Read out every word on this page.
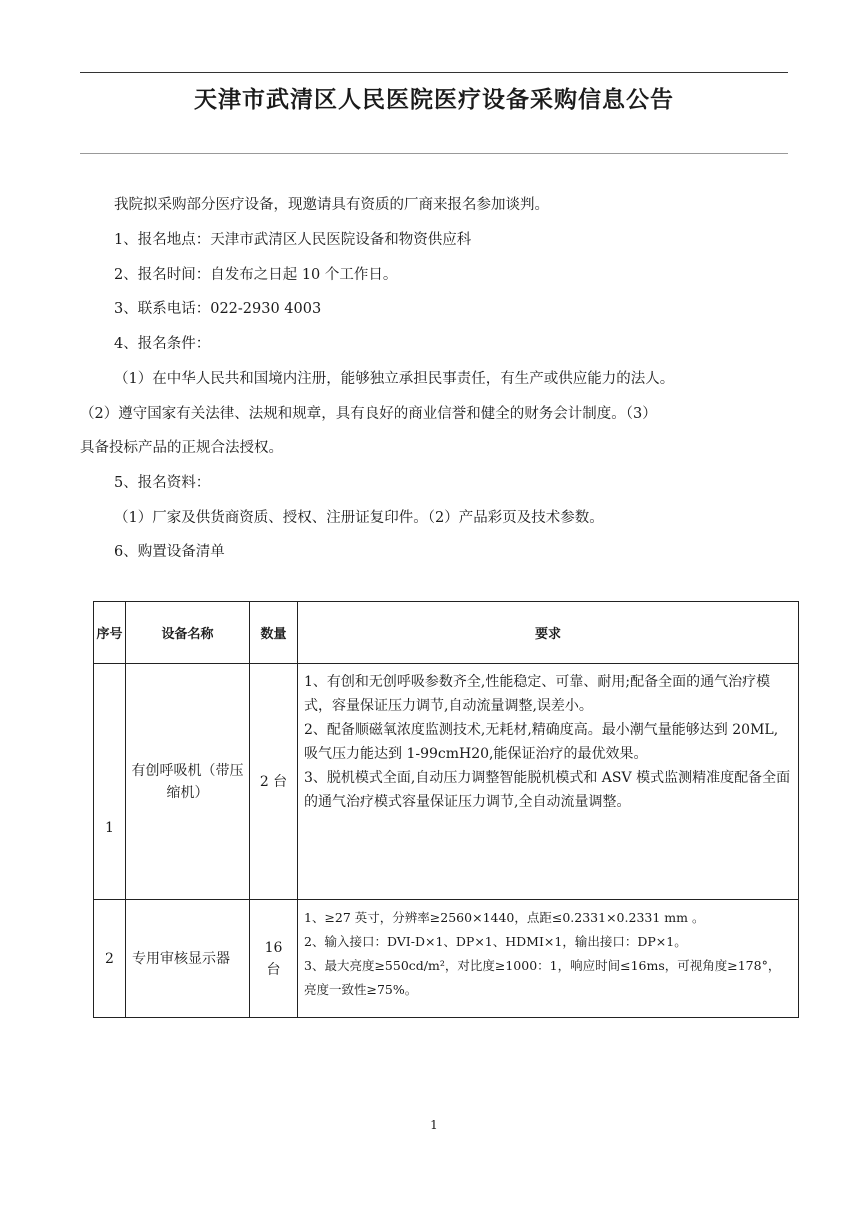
天津市武清区人民医院医疗设备采购信息公告
我院拟采购部分医疗设备，现邀请具有资质的厂商来报名参加谈判。
1、报名地点：天津市武清区人民医院设备和物资供应科
2、报名时间：自发布之日起 10 个工作日。
3、联系电话：022-2930 4003
4、报名条件：
（1）在中华人民共和国境内注册，能够独立承担民事责任，有生产或供应能力的法人。
（2）遵守国家有关法律、法规和规章，具有良好的商业信誉和健全的财务会计制度。（3）
具备投标产品的正规合法授权。
5、报名资料：
（1）厂家及供货商资质、授权、注册证复印件。（2）产品彩页及技术参数。
6、购置设备清单
序号	设备名称	数量	要求
1	有创呼吸机（带压缩机）	2 台	1、有创和无创呼吸参数齐全,性能稳定、可靠、耐用;配备全面的通气治疗模式，容量保证压力调节,自动流量调整,误差小。
2、配备顺磁氧浓度监测技术,无耗材,精确度高。最小潮气量能够达到 20ML,吸气压力能达到 1-99cmH20,能保证治疗的最优效果。
3、脱机模式全面,自动压力调整智能脱机模式和 ASV 模式监测精准度配备全面的通气治疗模式容量保证压力调节,全自动流量调整。

2	专用审核显示器	16 台	1、≥27 英寸，分辨率≥2560×1440，点距≤0.2331×0.2331 mm 。
2、输入接口：DVI-D×1、DP×1、HDMI×1，输出接口：DP×1。
3、最大亮度≥550cd/m²，对比度≥1000：1，响应时间≤16ms，可视角度≥178°，亮度一致性≥75%。
1
